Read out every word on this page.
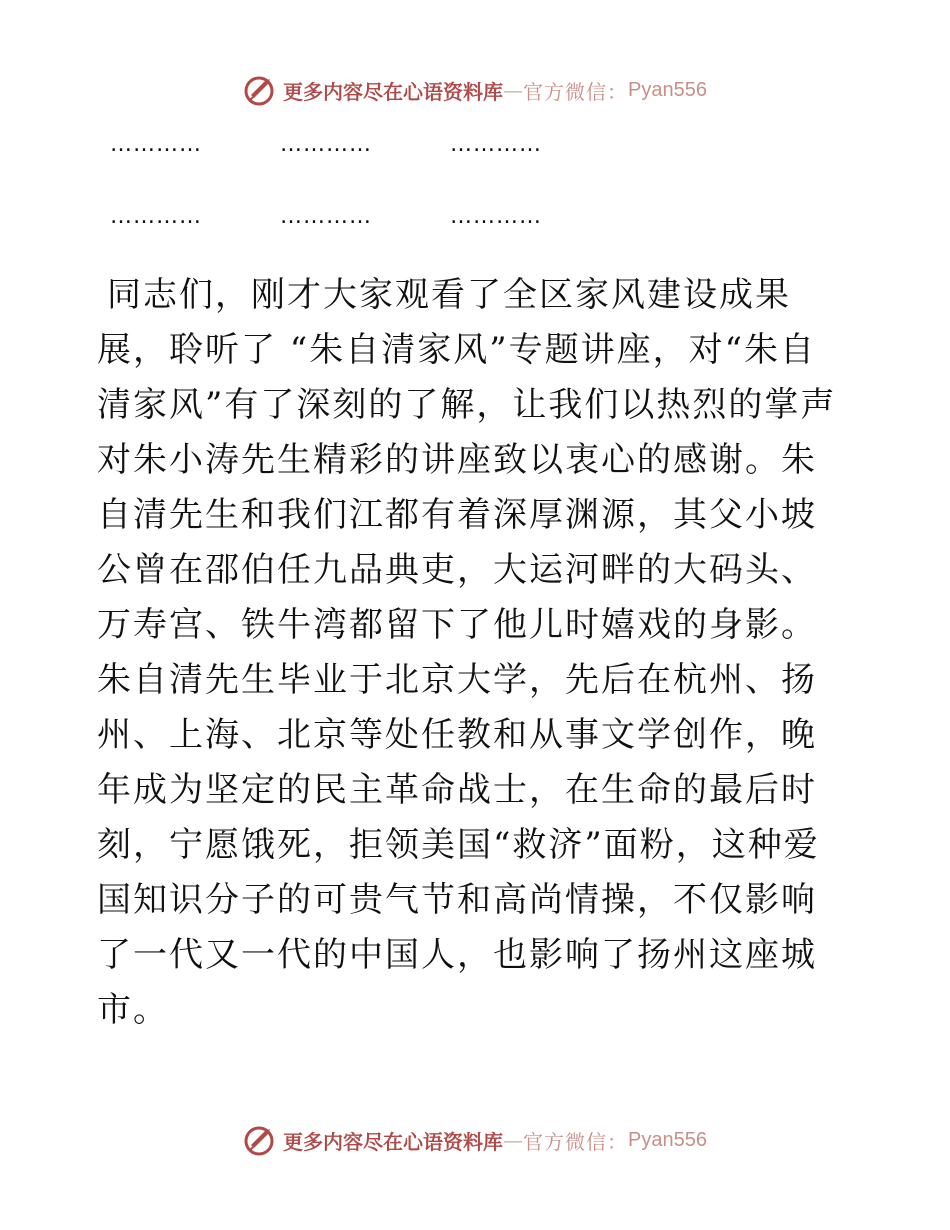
更多内容尽在心语资料库 — 官方微信： Pyan556
…………	…………	…………
…………	…………	…………

同志们，刚才大家观看了全区家风建设成果展，聆听了 “朱自清家风”专题讲座，对“朱自清家风”有了深刻的了解，让我们以热烈的掌声对朱小涛先生精彩的讲座致以衷心的感谢。朱自清先生和我们江都有着深厚渊源，其父小坡公曾在邵伯任九品典吏，大运河畔的大码头、万寿宫、铁牛湾都留下了他儿时嬉戏的身影。朱自清先生毕业于北京大学，先后在杭州、扬州、上海、北京等处任教和从事文学创作，晚年成为坚定的民主革命战士，在生命的最后时刻，宁愿饿死，拒领美国“救济”面粉，这种爱国知识分子的可贵气节和高尚情操，不仅影响了一代又一代的中国人，也影响了扬州这座城市。

更多内容尽在心语资料库 — 官方微信： Pyan556
